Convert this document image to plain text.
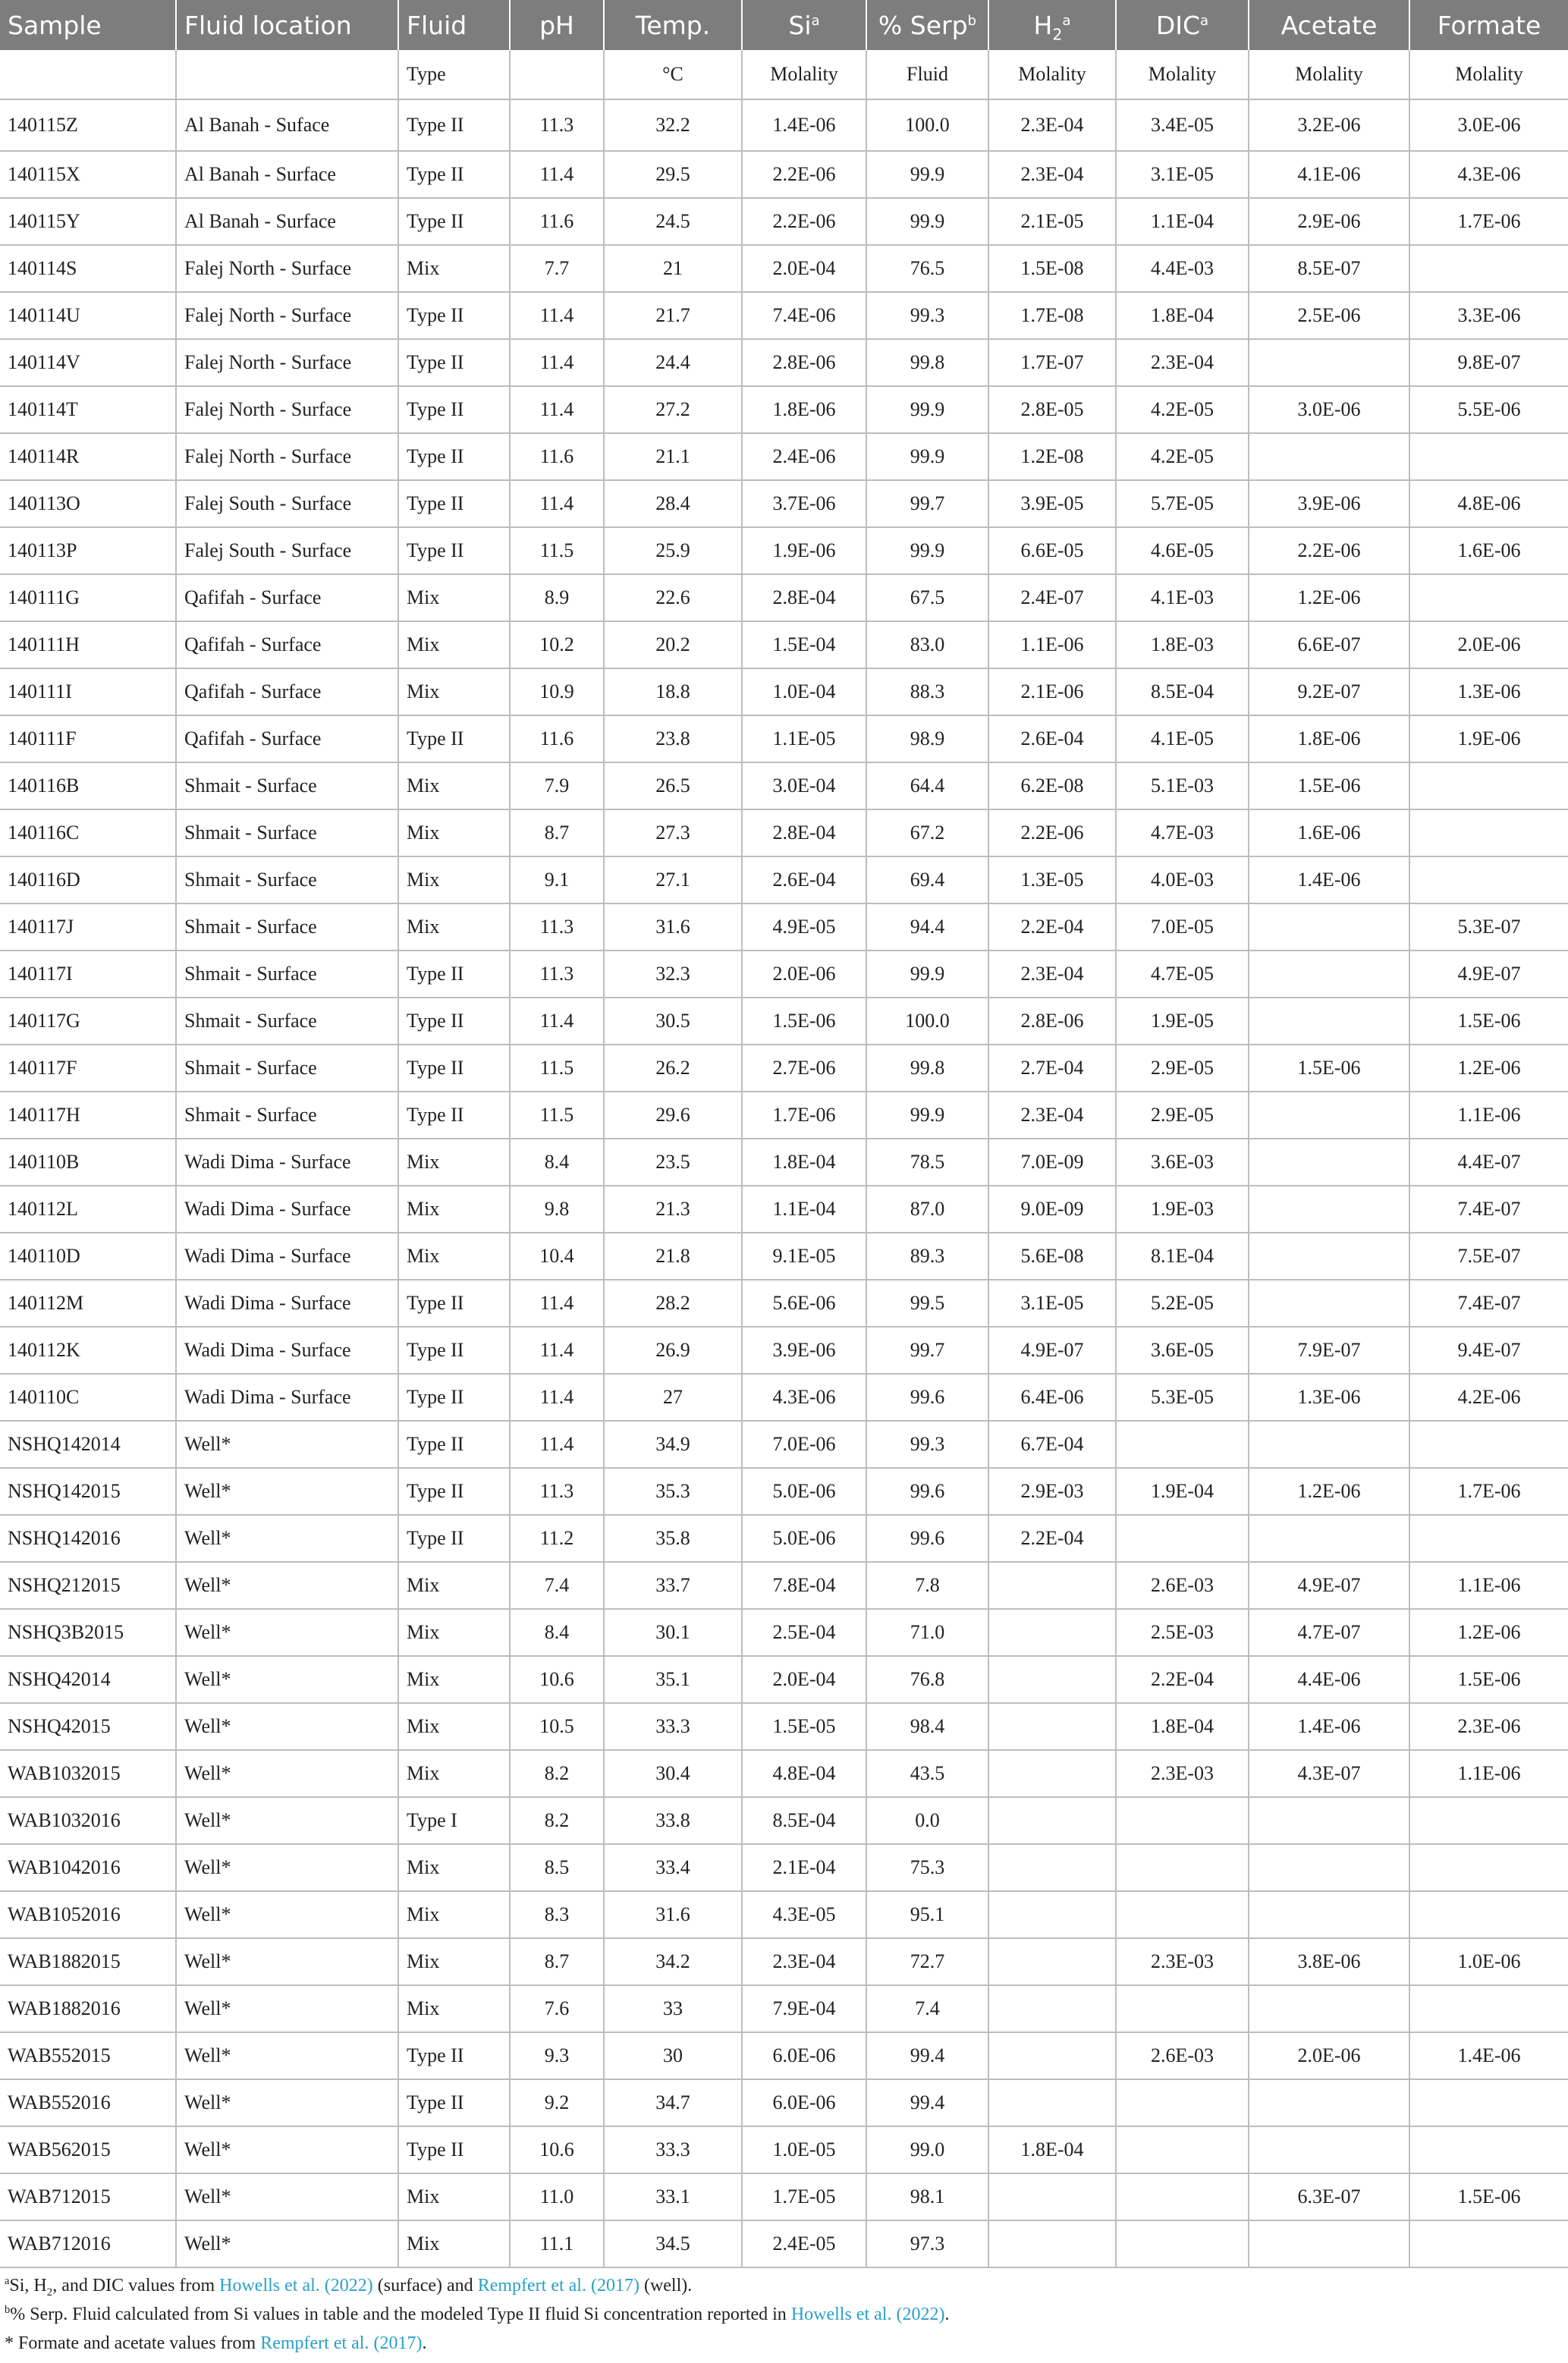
Sample	Fluid location	Fluid	pH	Temp.	Si$^a$	% Serp$^b$	$H_2^a$	DIC$^a$	Acetate	Formate
		Type		°C	Molality	Fluid	Molality	Molality	Molality	Molality
140115Z	Al Banah - Suface	Type II	11.3	32.2	1.4E-06	100.0	2.3E-04	3.4E-05	3.2E-06	3.0E-06
140115X	Al Banah - Surface	Type II	11.4	29.5	2.2E-06	99.9	2.3E-04	3.1E-05	4.1E-06	4.3E-06
140115Y	Al Banah - Surface	Type II	11.6	24.5	2.2E-06	99.9	2.1E-05	1.1E-04	2.9E-06	1.7E-06
140114S	Falej North - Surface	Mix	7.7	21	2.0E-04	76.5	1.5E-08	4.4E-03	8.5E-07	
140114U	Falej North - Surface	Type II	11.4	21.7	7.4E-06	99.3	1.7E-08	1.8E-04	2.5E-06	3.3E-06
140114V	Falej North - Surface	Type II	11.4	24.4	2.8E-06	99.8	1.7E-07	2.3E-04		9.8E-07
140114T	Falej North - Surface	Type II	11.4	27.2	1.8E-06	99.9	2.8E-05	4.2E-05	3.0E-06	5.5E-06
140114R	Falej North - Surface	Type II	11.6	21.1	2.4E-06	99.9	1.2E-08	4.2E-05		
140113O	Falej South - Surface	Type II	11.4	28.4	3.7E-06	99.7	3.9E-05	5.7E-05	3.9E-06	4.8E-06
140113P	Falej South - Surface	Type II	11.5	25.9	1.9E-06	99.9	6.6E-05	4.6E-05	2.2E-06	1.6E-06
140111G	Qafifah - Surface	Mix	8.9	22.6	2.8E-04	67.5	2.4E-07	4.1E-03	1.2E-06	
140111H	Qafifah - Surface	Mix	10.2	20.2	1.5E-04	83.0	1.1E-06	1.8E-03	6.6E-07	2.0E-06
140111I	Qafifah - Surface	Mix	10.9	18.8	1.0E-04	88.3	2.1E-06	8.5E-04	9.2E-07	1.3E-06
140111F	Qafifah - Surface	Type II	11.6	23.8	1.1E-05	98.9	2.6E-04	4.1E-05	1.8E-06	1.9E-06
140116B	Shmait - Surface	Mix	7.9	26.5	3.0E-04	64.4	6.2E-08	5.1E-03	1.5E-06	
140116C	Shmait - Surface	Mix	8.7	27.3	2.8E-04	67.2	2.2E-06	4.7E-03	1.6E-06	
140116D	Shmait - Surface	Mix	9.1	27.1	2.6E-04	69.4	1.3E-05	4.0E-03	1.4E-06	
140117J	Shmait - Surface	Mix	11.3	31.6	4.9E-05	94.4	2.2E-04	7.0E-05		5.3E-07
140117I	Shmait - Surface	Type II	11.3	32.3	2.0E-06	99.9	2.3E-04	4.7E-05		4.9E-07
140117G	Shmait - Surface	Type II	11.4	30.5	1.5E-06	100.0	2.8E-06	1.9E-05		1.5E-06
140117F	Shmait - Surface	Type II	11.5	26.2	2.7E-06	99.8	2.7E-04	2.9E-05	1.5E-06	1.2E-06
140117H	Shmait - Surface	Type II	11.5	29.6	1.7E-06	99.9	2.3E-04	2.9E-05		1.1E-06
140110B	Wadi Dima - Surface	Mix	8.4	23.5	1.8E-04	78.5	7.0E-09	3.6E-03		4.4E-07
140112L	Wadi Dima - Surface	Mix	9.8	21.3	1.1E-04	87.0	9.0E-09	1.9E-03		7.4E-07
140110D	Wadi Dima - Surface	Mix	10.4	21.8	9.1E-05	89.3	5.6E-08	8.1E-04		7.5E-07
140112M	Wadi Dima - Surface	Type II	11.4	28.2	5.6E-06	99.5	3.1E-05	5.2E-05		7.4E-07
140112K	Wadi Dima - Surface	Type II	11.4	26.9	3.9E-06	99.7	4.9E-07	3.6E-05	7.9E-07	9.4E-07
140110C	Wadi Dima - Surface	Type II	11.4	27	4.3E-06	99.6	6.4E-06	5.3E-05	1.3E-06	4.2E-06
NSHQ142014	Well*	Type II	11.4	34.9	7.0E-06	99.3	6.7E-04			
NSHQ142015	Well*	Type II	11.3	35.3	5.0E-06	99.6	2.9E-03	1.9E-04	1.2E-06	1.7E-06
NSHQ142016	Well*	Type II	11.2	35.8	5.0E-06	99.6	2.2E-04			
NSHQ212015	Well*	Mix	7.4	33.7	7.8E-04	7.8		2.6E-03	4.9E-07	1.1E-06
NSHQ3B2015	Well*	Mix	8.4	30.1	2.5E-04	71.0		2.5E-03	4.7E-07	1.2E-06
NSHQ42014	Well*	Mix	10.6	35.1	2.0E-04	76.8		2.2E-04	4.4E-06	1.5E-06
NSHQ42015	Well*	Mix	10.5	33.3	1.5E-05	98.4		1.8E-04	1.4E-06	2.3E-06
WAB1032015	Well*	Mix	8.2	30.4	4.8E-04	43.5		2.3E-03	4.3E-07	1.1E-06
WAB1032016	Well*	Type I	8.2	33.8	8.5E-04	0.0				
WAB1042016	Well*	Mix	8.5	33.4	2.1E-04	75.3				
WAB1052016	Well*	Mix	8.3	31.6	4.3E-05	95.1				
WAB1882015	Well*	Mix	8.7	34.2	2.3E-04	72.7		2.3E-03	3.8E-06	1.0E-06
WAB1882016	Well*	Mix	7.6	33	7.9E-04	7.4				
WAB552015	Well*	Type II	9.3	30	6.0E-06	99.4		2.6E-03	2.0E-06	1.4E-06
WAB552016	Well*	Type II	9.2	34.7	6.0E-06	99.4				
WAB562015	Well*	Type II	10.6	33.3	1.0E-05	99.0	1.8E-04			
WAB712015	Well*	Mix	11.0	33.1	1.7E-05	98.1			6.3E-07	1.5E-06
WAB712016	Well*	Mix	11.1	34.5	2.4E-05	97.3				
$^a$Si, $H_2$, and DIC values from Howells et al. (2022) (surface) and Rempfert et al. (2017) (well).
$^b$% Serp. Fluid calculated from Si values in table and the modeled Type II fluid Si concentration reported in Howells et al. (2022).
* Formate and acetate values from Rempfert et al. (2017).
